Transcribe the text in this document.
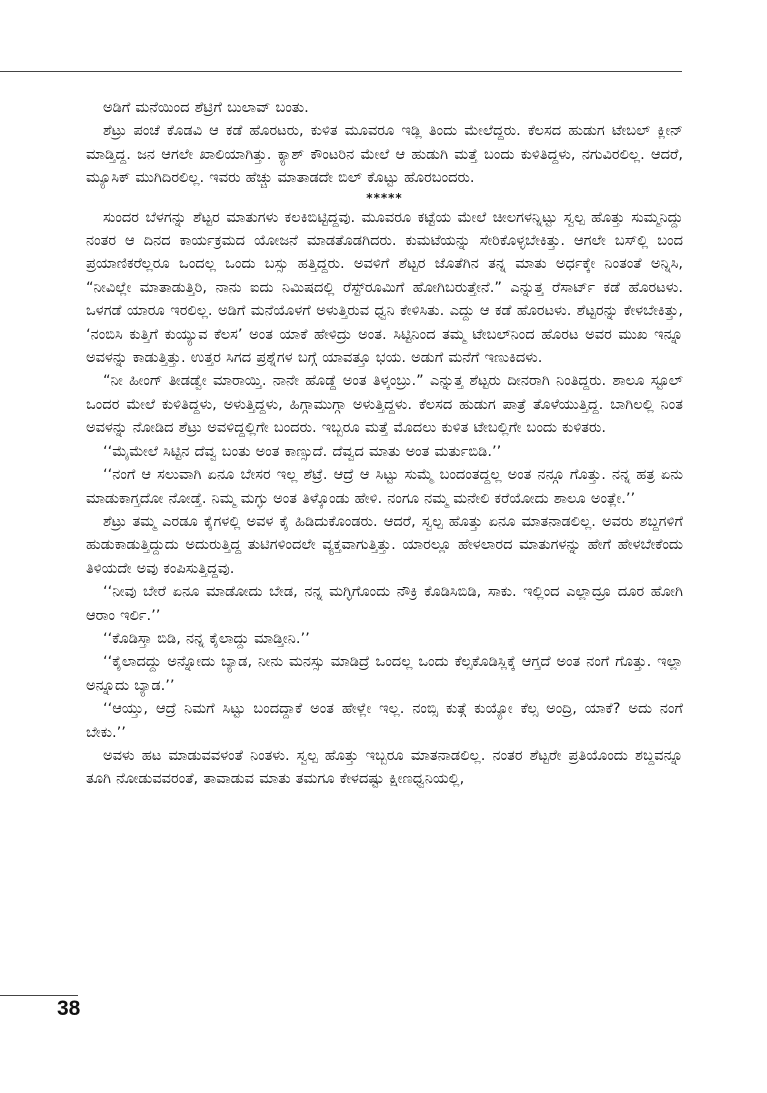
ಅಡಿಗೆ ಮನೆಯಿಂದ ಶೆಟ್ರಿಗೆ ಬುಲಾವ್ ಬಂತು.

ಶೆಟ್ರು ಪಂಚೆ ಕೊಡವಿ ಆ ಕಡೆ ಹೊರಟರು, ಕುಳಿತ ಮೂವರೂ ಇಡ್ಲಿ ತಿಂದು ಮೇಲೆದ್ದರು. ಕೆಲಸದ ಹುಡುಗ ಟೇಬಲ್ ಕ್ಲೀನ್ ಮಾಡ್ತಿದ್ದ. ಜನ ಆಗಲೇ ಖಾಲಿಯಾಗಿತ್ತು. ಕ್ಯಾಶ್ ಕೌಂಟರಿನ ಮೇಲೆ ಆ ಹುಡುಗಿ ಮತ್ತೆ ಬಂದು ಕುಳಿತಿದ್ದಳು, ನಗುವಿರಲಿಲ್ಲ. ಆದರೆ, ಮ್ಯೂಸಿಕ್ ಮುಗಿದಿರಲಿಲ್ಲ. ಇವರು ಹೆಚ್ಚು ಮಾತಾಡದೇ ಬಿಲ್ ಕೊಟ್ಟು ಹೊರಬಂದರು.

*****

ಸುಂದರ ಬೆಳಗನ್ನು ಶೆಟ್ಟರ ಮಾತುಗಳು ಕಲಕಿಬಿಟ್ಟಿದ್ದವು. ಮೂವರೂ ಕಟ್ಟೆಯ ಮೇಲೆ ಚೀಲಗಳನ್ನಿಟ್ಟು ಸ್ವಲ್ಪ ಹೊತ್ತು ಸುಮ್ಮನಿದ್ದು ನಂತರ ಆ ದಿನದ ಕಾರ್ಯಕ್ರಮದ ಯೋಜನೆ ಮಾಡತೊಡಗಿದರು. ಕುಮಟೆಯನ್ನು ಸೇರಿಕೊಳ್ಳಬೇಕಿತ್ತು. ಆಗಲೇ ಬಸ್‌ಲ್ಲಿ ಬಂದ ಪ್ರಯಾಣಿಕರೆಲ್ಲರೂ ಒಂದಲ್ಲ ಒಂದು ಬಸ್ಸು ಹತ್ತಿದ್ದರು. ಅವಳಿಗೆ ಶೆಟ್ಟರ ಜೊತೆಗಿನ ತನ್ನ ಮಾತು ಅರ್ಧಕ್ಕೇ ನಿಂತಂತೆ ಅನ್ನಿಸಿ, “ನೀವಿಲ್ಲೇ ಮಾತಾಡುತ್ತಿರಿ, ನಾನು ಐದು ನಿಮಿಷದಲ್ಲಿ ರೆಸ್ಟ್‌ರೂಮಿಗೆ ಹೋಗಿಬರುತ್ತೇನೆ.” ಎನ್ನುತ್ತ ರೆಸಾರ್ಟ್ ಕಡೆ ಹೊರಟಳು. ಒಳಗಡೆ ಯಾರೂ ಇರಲಿಲ್ಲ. ಅಡಿಗೆ ಮನೆಯೊಳಗೆ ಅಳುತ್ತಿರುವ ಧ್ವನಿ ಕೇಳಿಸಿತು. ಎದ್ದು ಆ ಕಡೆ ಹೊರಟಳು. ಶೆಟ್ಟರನ್ನು ಕೇಳಬೇಕಿತ್ತು, ‘ನಂಬಿಸಿ ಕುತ್ತಿಗೆ ಕುಯ್ಯುವ ಕೆಲಸ’ ಅಂತ ಯಾಕೆ ಹೇಳಿದ್ರು ಅಂತ. ಸಿಟ್ಟಿನಿಂದ ತಮ್ಮ ಟೇಬಲ್‌ನಿಂದ ಹೊರಟ ಅವರ ಮುಖ ಇನ್ನೂ ಅವಳನ್ನು ಕಾಡುತ್ತಿತ್ತು. ಉತ್ತರ ಸಿಗದ ಪ್ರಶ್ನೆಗಳ ಬಗ್ಗೆ ಯಾವತ್ತೂ ಭಯ. ಅಡುಗೆ ಮನೆಗೆ ಇಣುಕಿದಳು.

“ನೀ ಹೀಂಗ್ ತೀಡಡ್ವೇ ಮಾರಾಯ್ತಿ. ನಾನೇ ಹೊಡ್ದೆ ಅಂತ ತಿಳ್ಕಂಬ್ರು.” ಎನ್ನುತ್ತ ಶೆಟ್ಟರು ದೀನರಾಗಿ ನಿಂತಿದ್ದರು. ಶಾಲೂ ಸ್ಟೂಲ್ ಒಂದರ ಮೇಲೆ ಕುಳಿತಿದ್ದಳು, ಅಳುತ್ತಿದ್ದಳು, ಹಿಗ್ಗಾಮುಗ್ಗಾ ಅಳುತ್ತಿದ್ದಳು. ಕೆಲಸದ ಹುಡುಗ ಪಾತ್ರೆ ತೊಳೆಯುತ್ತಿದ್ದ. ಬಾಗಿಲಲ್ಲಿ ನಿಂತ ಅವಳನ್ನು ನೋಡಿದ ಶೆಟ್ರು ಅವಳಿದ್ದಲ್ಲಿಗೇ ಬಂದರು. ಇಬ್ಬರೂ ಮತ್ತೆ ಮೊದಲು ಕುಳಿತ ಟೇಬಲ್ಲಿಗೇ ಬಂದು ಕುಳಿತರು.

‘‘ಮೈಮೇಲೆ ಸಿಟ್ಟಿನ ದೆವ್ವ ಬಂತು ಅಂತ ಕಾಣ್ಸುದೆ. ದೆವ್ವದ ಮಾತು ಅಂತ ಮರ್ತುಬಿಡಿ.’’

‘‘ನಂಗೆ ಆ ಸಲುವಾಗಿ ಏನೂ ಬೇಸರ ಇಲ್ಲ ಶೆಟ್ರೆ. ಆದ್ರೆ ಆ ಸಿಟ್ಟು ಸುಮ್ಮೆ ಬಂದಂತದ್ದಲ್ಲ ಅಂತ ನನ್ಗೂ ಗೊತ್ತು. ನನ್ನ ಹತ್ರ ಏನು ಮಾಡುಕಾಗ್ತದೋ ನೋಡ್ತೆ. ನಿಮ್ಮ ಮಗ್ಳು ಅಂತ ತಿಳ್ಕೊಂಡು ಹೇಳಿ. ನಂಗೂ ನಮ್ಮ ಮನೇಲಿ ಕರೆಯೋದು ಶಾಲೂ ಅಂತ್ಲೇ.’’

ಶೆಟ್ರು ತಮ್ಮ ಎರಡೂ ಕೈಗಳಲ್ಲಿ ಅವಳ ಕೈ ಹಿಡಿದುಕೊಂಡರು. ಆದರೆ, ಸ್ವಲ್ಪ ಹೊತ್ತು ಏನೂ ಮಾತನಾಡಲಿಲ್ಲ. ಅವರು ಶಬ್ದಗಳಿಗೆ ಹುಡುಕಾಡುತ್ತಿದ್ದುದು ಅದುರುತ್ತಿದ್ದ ತುಟಿಗಳಿಂದಲೇ ವ್ಯಕ್ತವಾಗುತ್ತಿತ್ತು. ಯಾರಲ್ಲೂ ಹೇಳಲಾರದ ಮಾತುಗಳನ್ನು ಹೇಗೆ ಹೇಳಬೇಕೆಂದು ತಿಳಿಯದೇ ಅವು ಕಂಪಿಸುತ್ತಿದ್ದವು.

‘‘ನೀವು ಬೇರೆ ಏನೂ ಮಾಡೋದು ಬೇಡ, ನನ್ನ ಮಗ್ಳಿಗೊಂದು ನೌಕ್ರಿ ಕೊಡಿಸಿಬಿಡಿ, ಸಾಕು. ಇಲ್ಲಿಂದ ಎಲ್ಲಾದ್ರೂ ದೂರ ಹೋಗಿ ಆರಾಂ ಇರ್ಲಿ.’’

‘‘ಕೊಡಿಸ್ತಾ ಬಿಡಿ, ನನ್ನ ಕೈಲಾದ್ದು ಮಾಡ್ತೀನಿ.’’

‘‘ಕೈಲಾದದ್ದು ಅನ್ನೋದು ಬ್ಯಾಡ, ನೀನು ಮನಸ್ಸು ಮಾಡಿದ್ರೆ ಒಂದಲ್ಲ ಒಂದು ಕೆಲ್ಸಕೊಡಿಸ್ಲಿಕ್ಕೆ ಆಗ್ತದೆ ಅಂತ ನಂಗೆ ಗೊತ್ತು. ಇಲ್ಲಾ ಅನ್ನೂದು ಬ್ಯಾಡ.’’

‘‘ಆಯ್ತು, ಆದ್ರೆ ನಿಮಗೆ ಸಿಟ್ಟು ಬಂದದ್ದಾಕೆ ಅಂತ ಹೇಳ್ಲೇ ಇಲ್ಲ. ನಂಬ್ಸಿ ಕುತ್ಗೆ ಕುಯ್ಯೋ ಕೆಲ್ಸ ಅಂದ್ರಿ, ಯಾಕೆ? ಅದು ನಂಗೆ ಬೇಕು.’’

ಅವಳು ಹಟ ಮಾಡುವವಳಂತೆ ನಿಂತಳು. ಸ್ವಲ್ಪ ಹೊತ್ತು ಇಬ್ಬರೂ ಮಾತನಾಡಲಿಲ್ಲ. ನಂತರ ಶೆಟ್ಟರೇ ಪ್ರತಿಯೊಂದು ಶಬ್ದವನ್ನೂ ತೂಗಿ ನೋಡುವವರಂತೆ, ತಾವಾಡುವ ಮಾತು ತಮಗೂ ಕೇಳದಷ್ಟು ಕ್ಷೀಣಧ್ವನಿಯಲ್ಲಿ,

38
